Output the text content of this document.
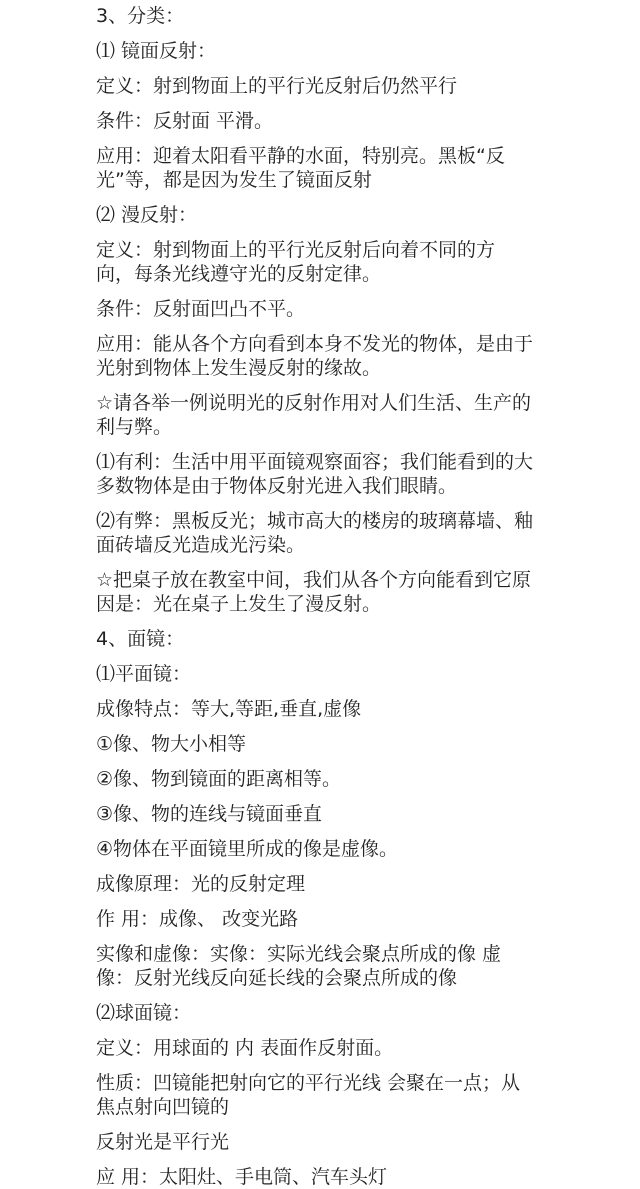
3、分类：

⑴ 镜面反射：

定义：射到物面上的平行光反射后仍然平行

条件：反射面 平滑。

应用：迎着太阳看平静的水面，特别亮。黑板“反

光”等，都是因为发生了镜面反射

⑵ 漫反射：

定义：射到物面上的平行光反射后向着不同的方

向，每条光线遵守光的反射定律。

条件：反射面凹凸不平。

应用：能从各个方向看到本身不发光的物体，是由于

光射到物体上发生漫反射的缘故。

☆请各举一例说明光的反射作用对人们生活、生产的

利与弊。

⑴有利：生活中用平面镜观察面容；我们能看到的大

多数物体是由于物体反射光进入我们眼睛。

⑵有弊：黑板反光；城市高大的楼房的玻璃幕墙、釉

面砖墙反光造成光污染。

☆把桌子放在教室中间，我们从各个方向能看到它原

因是：光在桌子上发生了漫反射。

4、面镜：

⑴平面镜：

成像特点：等大,等距,垂直,虚像

①像、物大小相等

②像、物到镜面的距离相等。

③像、物的连线与镜面垂直

④物体在平面镜里所成的像是虚像。

成像原理：光的反射定理

作 用：成像、 改变光路

实像和虚像：实像：实际光线会聚点所成的像 虚

像：反射光线反向延长线的会聚点所成的像

⑵球面镜：

定义：用球面的 内 表面作反射面。

性质：凹镜能把射向它的平行光线 会聚在一点；从

焦点射向凹镜的

反射光是平行光

应 用：太阳灶、手电筒、汽车头灯
